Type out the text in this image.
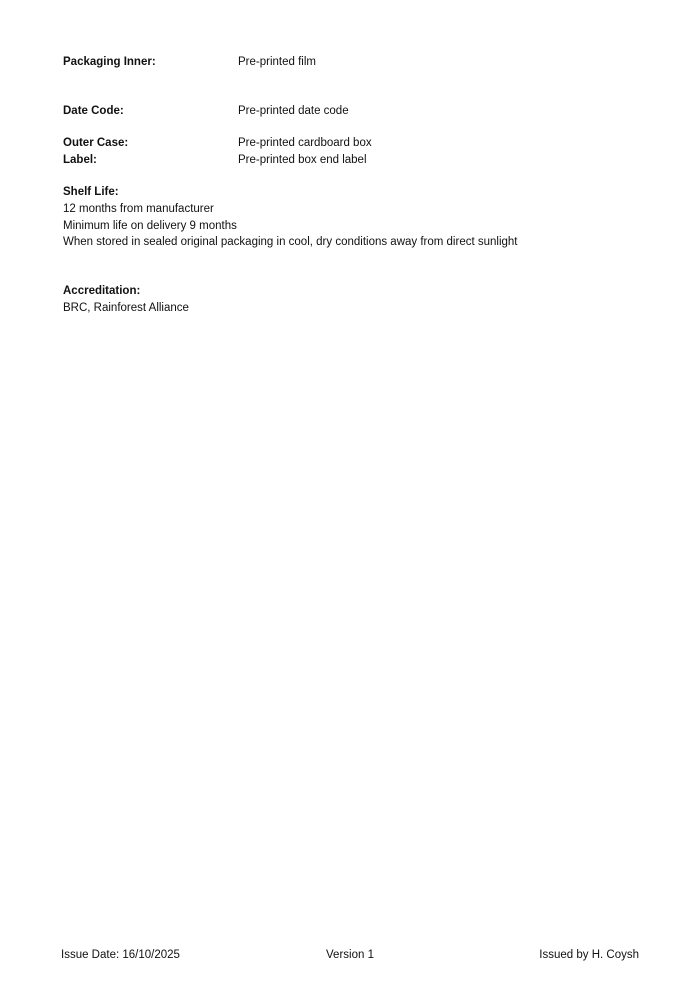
Packaging Inner:	Pre-printed film
Date Code:	Pre-printed date code
Outer Case:	Pre-printed cardboard box
Label:	Pre-printed box end label
Shelf Life:
12 months from manufacturer
Minimum life on delivery 9 months
When stored in sealed original packaging in cool, dry conditions away from direct sunlight
Accreditation:
BRC, Rainforest Alliance
Issue Date: 16/10/2025	Version 1	Issued by H. Coysh
